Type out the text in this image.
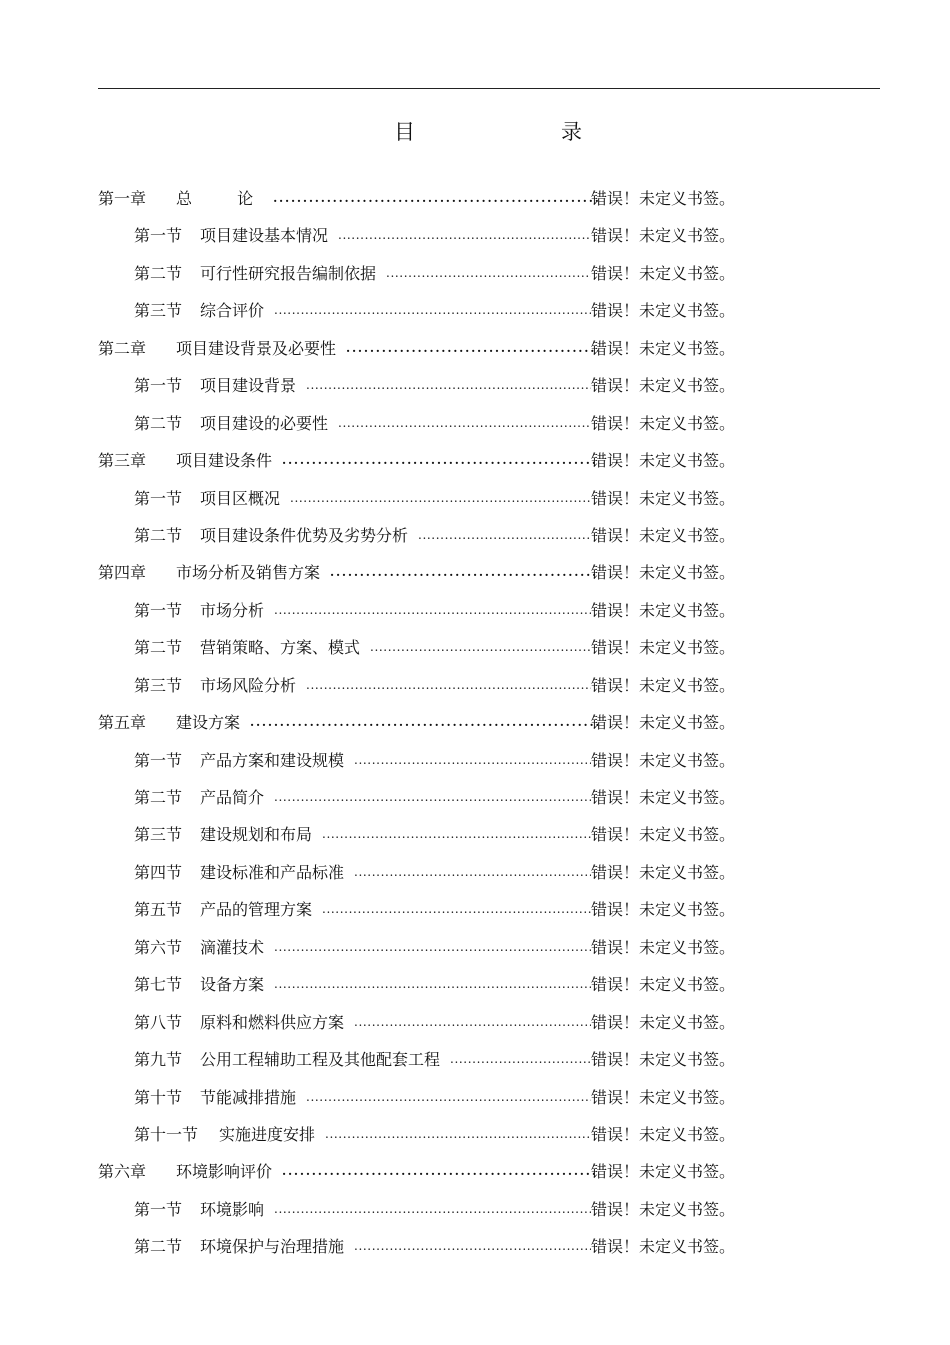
目	录
第一章	总 论 . . .	错误！未定义书签。
第一节	项目建设基本情况 . . .	错误！未定义书签。
第二节	可行性研究报告编制依据 . . .	错误！未定义书签。
第三节	综合评价 . . .	错误！未定义书签。
第二章	项目建设背景及必要性 . . .	错误！未定义书签。
第一节	项目建设背景 . . .	错误！未定义书签。
第二节	项目建设的必要性 . . .	错误！未定义书签。
第三章	项目建设条件 . . .	错误！未定义书签。
第一节	项目区概况 . . .	错误！未定义书签。
第二节	项目建设条件优势及劣势分析 . . .	错误！未定义书签。
第四章	市场分析及销售方案 . . .	错误！未定义书签。
第一节	市场分析 . . .	错误！未定义书签。
第二节	营销策略、方案、模式 . . .	错误！未定义书签。
第三节	市场风险分析 . . .	错误！未定义书签。
第五章	建设方案 . . .	错误！未定义书签。
第一节	产品方案和建设规模 . . .	错误！未定义书签。
第二节	产品简介 . . .	错误！未定义书签。
第三节	建设规划和布局 . . .	错误！未定义书签。
第四节	建设标准和产品标准 . . .	错误！未定义书签。
第五节	产品的管理方案 . . .	错误！未定义书签。
第六节	滴灌技术 . . .	错误！未定义书签。
第七节	设备方案 . . .	错误！未定义书签。
第八节	原料和燃料供应方案 . . .	错误！未定义书签。
第九节	公用工程辅助工程及其他配套工程 . . .	错误！未定义书签。
第十节	节能减排措施 . . .	错误！未定义书签。
第十一节	实施进度安排 . . .	错误！未定义书签。
第六章	环境影响评价 . . .	错误！未定义书签。
第一节	环境影响 . . .	错误！未定义书签。
第二节	环境保护与治理措施 . . .	错误！未定义书签。
